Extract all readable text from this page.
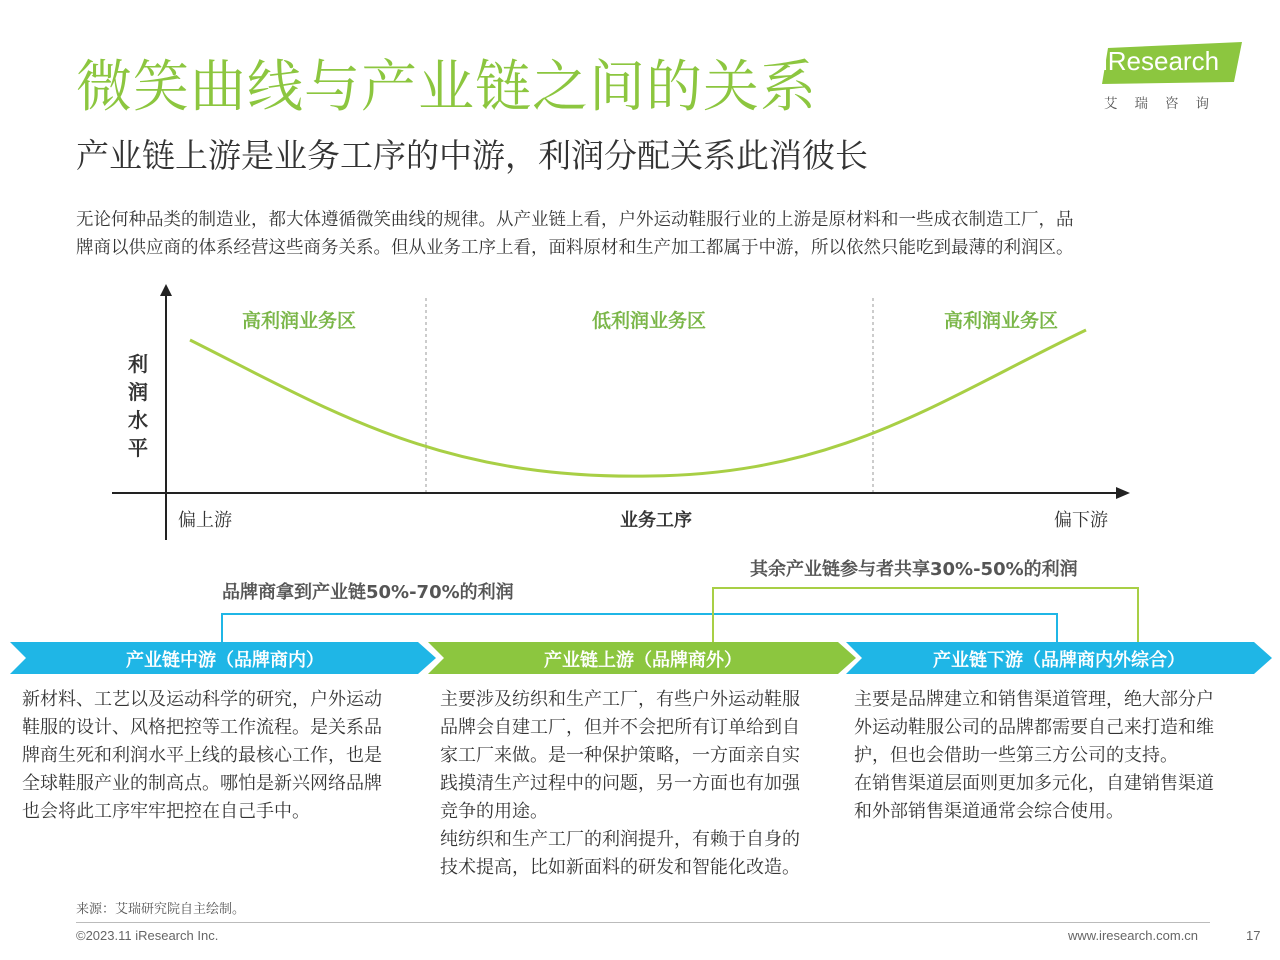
微笑曲线与产业链之间的关系
产业链上游是业务工序的中游，利润分配关系此消彼长
iResearch
艾瑞咨询

无论何种品类的制造业，都大体遵循微笑曲线的规律。从产业链上看，户外运动鞋服行业的上游是原材料和一些成衣制造工厂，品

牌商以供应商的体系经营这些商务关系。但从业务工序上看，面料原材和生产加工都属于中游，所以依然只能吃到最薄的利润区。

高利润业务区	低利润业务区	高利润业务区
利
润
水
平
偏上游	业务工序	偏下游
其余产业链参与者共享30%-50%的利润
品牌商拿到产业链50%-70%的利润
产业链中游（品牌商内）	产业链上游（品牌商外）	产业链下游（品牌商内外综合）

新材料、工艺以及运动科学的研究，户外运动

鞋服的设计、风格把控等工作流程。是关系品

牌商生死和利润水平上线的最核心工作，也是

全球鞋服产业的制高点。哪怕是新兴网络品牌

也会将此工序牢牢把控在自己手中。

主要涉及纺织和生产工厂，有些户外运动鞋服

品牌会自建工厂，但并不会把所有订单给到自

家工厂来做。是一种保护策略，一方面亲自实

践摸清生产过程中的问题，另一方面也有加强

竞争的用途。

纯纺织和生产工厂的利润提升，有赖于自身的

技术提高，比如新面料的研发和智能化改造。

主要是品牌建立和销售渠道管理，绝大部分户

外运动鞋服公司的品牌都需要自己来打造和维

护，但也会借助一些第三方公司的支持。

在销售渠道层面则更加多元化，自建销售渠道

和外部销售渠道通常会综合使用。

来源：艾瑞研究院自主绘制。
©2023.11 iResearch Inc.	www.iresearch.com.cn	17
